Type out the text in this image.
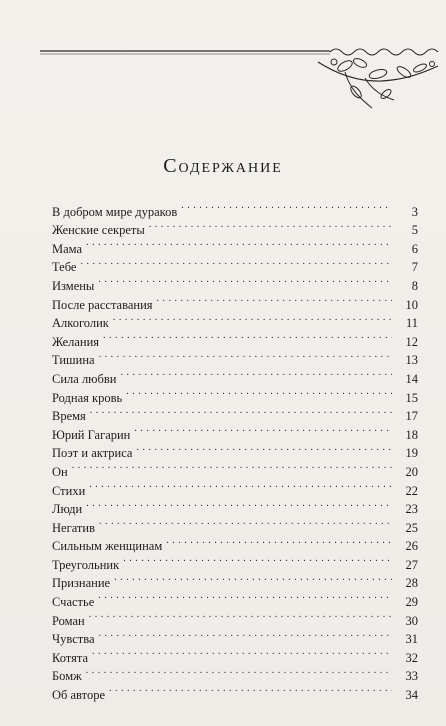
Содержание
В добром мире дураков . . .	3
Женские секреты . . .	5
Мама . . .	6
Тебе . . .	7
Измены . . .	8
После расставания . . .	10
Алкоголик . . .	11
Желания . . .	12
Тишина . . .	13
Сила любви . . .	14
Родная кровь . . .	15
Время . . .	17
Юрий Гагарин . . .	18
Поэт и актриса . . .	19
Он . . .	20
Стихи . . .	22
Люди . . .	23
Негатив . . .	25
Сильным женщинам . . .	26
Треугольник . . .	27
Признание . . .	28
Счастье . . .	29
Роман . . .	30
Чувства . . .	31
Котята . . .	32
Бомж . . .	33
Об авторе . . .	34
